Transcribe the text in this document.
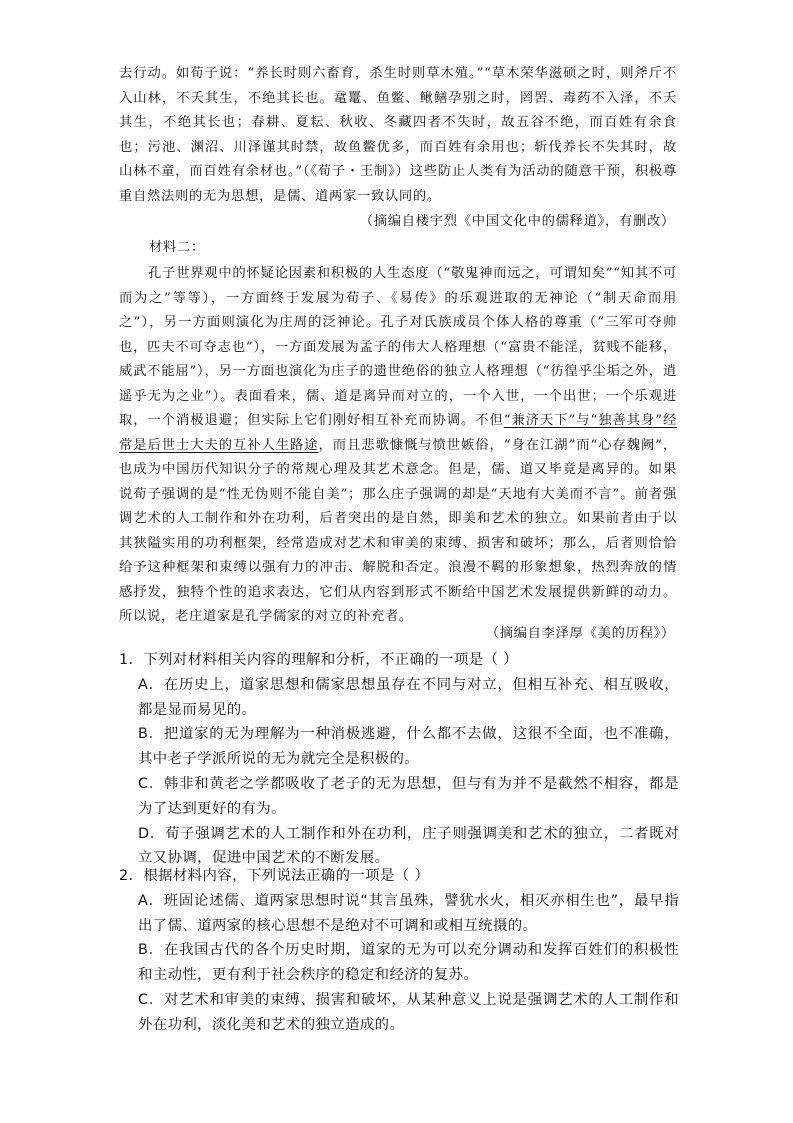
去行动。如荀子说：“养长时则六畜育，杀生时则草木殖。”“草木荣华滋硕之时，则斧斤不入山林，不夭其生，不绝其长也。鼋鼍、鱼鳖、鳅鳝孕别之时，罔罟、毒药不入泽，不夭其生，不绝其长也；春耕、夏耘、秋收、冬藏四者不失时，故五谷不绝，而百姓有余食也；污池、渊沼、川泽谨其时禁，故鱼鳖优多，而百姓有余用也；斩伐养长不失其时，故山林不童，而百姓有余材也。”（《荀子・王制》）这些防止人类有为活动的随意干预，积极尊重自然法则的无为思想，是儒、道两家一致认同的。
（摘编自楼宇烈《中国文化中的儒释道》，有删改）
材料二：
孔子世界观中的怀疑论因素和积极的人生态度（“敬鬼神而远之，可谓知矣”“知其不可而为之”等等），一方面终于发展为荀子、《易传》的乐观进取的无神论（“制天命而用之”），另一方面则演化为庄周的泛神论。孔子对氏族成员个体人格的尊重（“三军可夺帅也，匹夫不可夺志也”），一方面发展为孟子的伟大人格理想（“富贵不能淫，贫贱不能移，威武不能屈”），另一方面也演化为庄子的遗世绝俗的独立人格理想（“彷徨乎尘垢之外，逍遥乎无为之业”）。表面看来，儒、道是离异而对立的，一个入世，一个出世；一个乐观进取，一个消极退避；但实际上它们刚好相互补充而协调。不但“兼济天下”与“独善其身”经常是后世士大夫的互补人生路途，而且悲歌慷慨与愤世嫉俗，“身在江湖”而“心存魏阙”，也成为中国历代知识分子的常规心理及其艺术意念。但是，儒、道又毕竟是离异的。如果说荀子强调的是“性无伪则不能自美”；那么庄子强调的却是“天地有大美而不言”。前者强调艺术的人工制作和外在功利，后者突出的是自然，即美和艺术的独立。如果前者由于以其狭隘实用的功利框架，经常造成对艺术和审美的束缚、损害和破坏；那么，后者则恰恰给予这种框架和束缚以强有力的冲击、解脱和否定。浪漫不羁的形象想象，热烈奔放的情感抒发，独特个性的追求表达，它们从内容到形式不断给中国艺术发展提供新鲜的动力。所以说，老庄道家是孔学儒家的对立的补充者。
（摘编自李泽厚《美的历程》）
1．下列对材料相关内容的理解和分析，不正确的一项是（ ）
A．在历史上，道家思想和儒家思想虽存在不同与对立，但相互补充、相互吸收，都是显而易见的。
B．把道家的无为理解为一种消极逃避，什么都不去做，这很不全面，也不准确，其中老子学派所说的无为就完全是积极的。
C．韩非和黄老之学都吸收了老子的无为思想，但与有为并不是截然不相容，都是为了达到更好的有为。
D．荀子强调艺术的人工制作和外在功利，庄子则强调美和艺术的独立，二者既对立又协调，促进中国艺术的不断发展。
2．根据材料内容，下列说法正确的一项是（ ）
A．班固论述儒、道两家思想时说“其言虽殊，譬犹水火，相灭亦相生也”，最早指出了儒、道两家的核心思想不是绝对不可调和或相互统摄的。
B．在我国古代的各个历史时期，道家的无为可以充分调动和发挥百姓们的积极性和主动性，更有利于社会秩序的稳定和经济的复苏。
C．对艺术和审美的束缚、损害和破坏，从某种意义上说是强调艺术的人工制作和外在功利，淡化美和艺术的独立造成的。
